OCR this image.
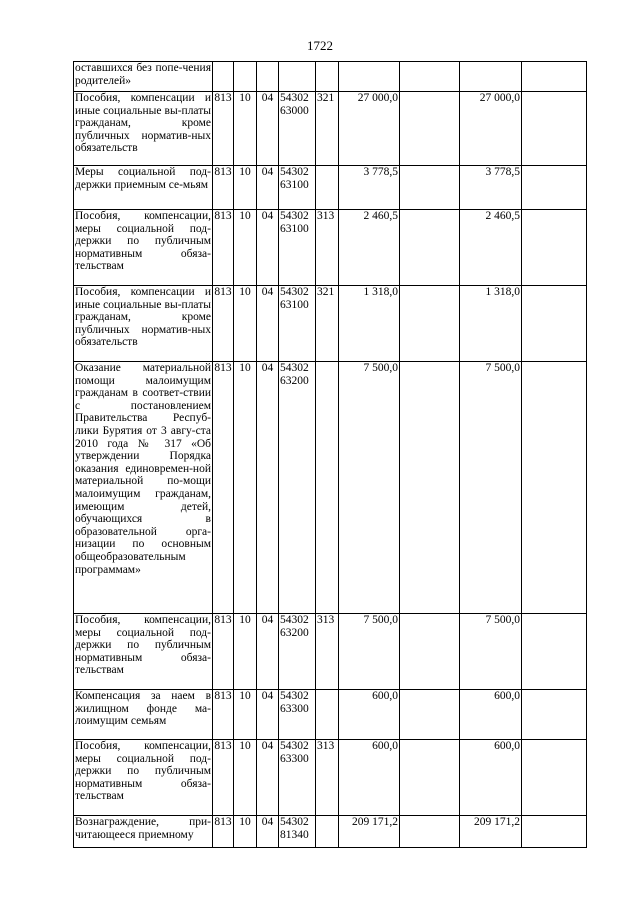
1722
оставшихся без попе-чения родителей»									
Пособия, компенсации и иные социальные вы-платы гражданам, кроме публичных норматив-ных обязательств	813	10	04	54302 63000	321	27 000,0		27 000,0	
Меры социальной под-держки приемным се-мьям	813	10	04	54302 63100		3 778,5		3 778,5	
Пособия, компенсации, меры социальной под-держки по публичным нормативным обяза-тельствам	813	10	04	54302 63100	313	2 460,5		2 460,5	
Пособия, компенсации и иные социальные вы-платы гражданам, кроме публичных норматив-ных обязательств	813	10	04	54302 63100	321	1 318,0		1 318,0	
Оказание материальной помощи малоимущим гражданам в соответ-ствии с постановлением Правительства Респуб-лики Бурятия от 3 авгу-ста 2010 года № 317 «Об утверждении Порядка оказания единовремен-ной материальной по-мощи малоимущим гражданам, имеющим детей, обучающихся в образовательной орга-низации по основным общеобразовательным программам»	813	10	04	54302 63200		7 500,0		7 500,0	
Пособия, компенсации, меры социальной под-держки по публичным нормативным обяза-тельствам	813	10	04	54302 63200	313	7 500,0		7 500,0	
Компенсация за наем в жилищном фонде ма-лоимущим семьям	813	10	04	54302 63300		600,0		600,0	
Пособия, компенсации, меры социальной под-держки по публичным нормативным обяза-тельствам	813	10	04	54302 63300	313	600,0		600,0	
Вознаграждение, при-читающееся приемному	813	10	04	54302 81340		209 171,2		209 171,2	
